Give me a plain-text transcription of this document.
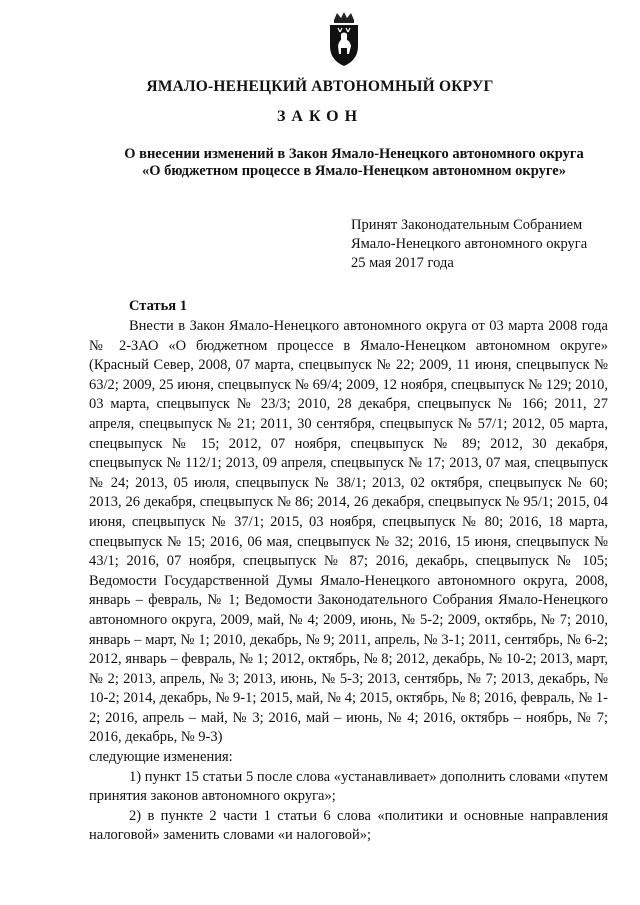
ЯМАЛО-НЕНЕЦКИЙ АВТОНОМНЫЙ ОКРУГ
ЗАКОН
О внесении изменений в Закон Ямало-Ненецкого автономного округа
«О бюджетном процессе в Ямало-Ненецком автономном округе»
Принят Законодательным Собранием
Ямало-Ненецкого автономного округа
25 мая 2017 года
Статья 1

Внести в Закон Ямало-Ненецкого автономного округа от 03 марта 2008 года № 2-ЗАО «О бюджетном процессе в Ямало-Ненецком автономном округе» (Красный Север, 2008, 07 марта, спецвыпуск № 22; 2009, 11 июня, спецвыпуск № 63/2; 2009, 25 июня, спецвыпуск № 69/4; 2009, 12 ноября, спецвыпуск № 129; 2010, 03 марта, спецвыпуск № 23/3; 2010, 28 декабря, спецвыпуск № 166; 2011, 27 апреля, спецвыпуск № 21; 2011, 30 сентября, спецвыпуск № 57/1; 2012, 05 марта, спецвыпуск № 15; 2012, 07 ноября, спецвыпуск № 89; 2012, 30 декабря, спецвыпуск № 112/1; 2013, 09 апреля, спецвыпуск № 17; 2013, 07 мая, спецвыпуск № 24; 2013, 05 июля, спецвыпуск № 38/1; 2013, 02 октября, спецвыпуск № 60; 2013, 26 декабря, спецвыпуск № 86; 2014, 26 декабря, спецвыпуск № 95/1; 2015, 04 июня, спецвыпуск № 37/1; 2015, 03 ноября, спецвыпуск № 80; 2016, 18 марта, спецвыпуск № 15; 2016, 06 мая, спецвыпуск № 32; 2016, 15 июня, спецвыпуск № 43/1; 2016, 07 ноября, спецвыпуск № 87; 2016, декабрь, спецвыпуск № 105; Ведомости Государственной Думы Ямало-Ненецкого автономного округа, 2008, январь – февраль, № 1; Ведомости Законодательного Собрания Ямало-Ненецкого автономного округа, 2009, май, № 4; 2009, июнь, № 5-2; 2009, октябрь, № 7; 2010, январь – март, № 1; 2010, декабрь, № 9; 2011, апрель, № 3-1; 2011, сентябрь, № 6-2; 2012, январь – февраль, № 1; 2012, октябрь, № 8; 2012, декабрь, № 10-2; 2013, март, № 2; 2013, апрель, № 3; 2013, июнь, № 5-3; 2013, сентябрь, № 7; 2013, декабрь, № 10-2; 2014, декабрь, № 9-1; 2015, май, № 4; 2015, октябрь, № 8; 2016, февраль, № 1-2; 2016, апрель – май, № 3; 2016, май – июнь, № 4; 2016, октябрь – ноябрь, № 7; 2016, декабрь, № 9-3)

следующие изменения:

1) пункт 15 статьи 5 после слова «устанавливает» дополнить словами «путем принятия законов автономного округа»;

2) в пункте 2 части 1 статьи 6 слова «политики и основные направления налоговой» заменить словами «и налоговой»;
